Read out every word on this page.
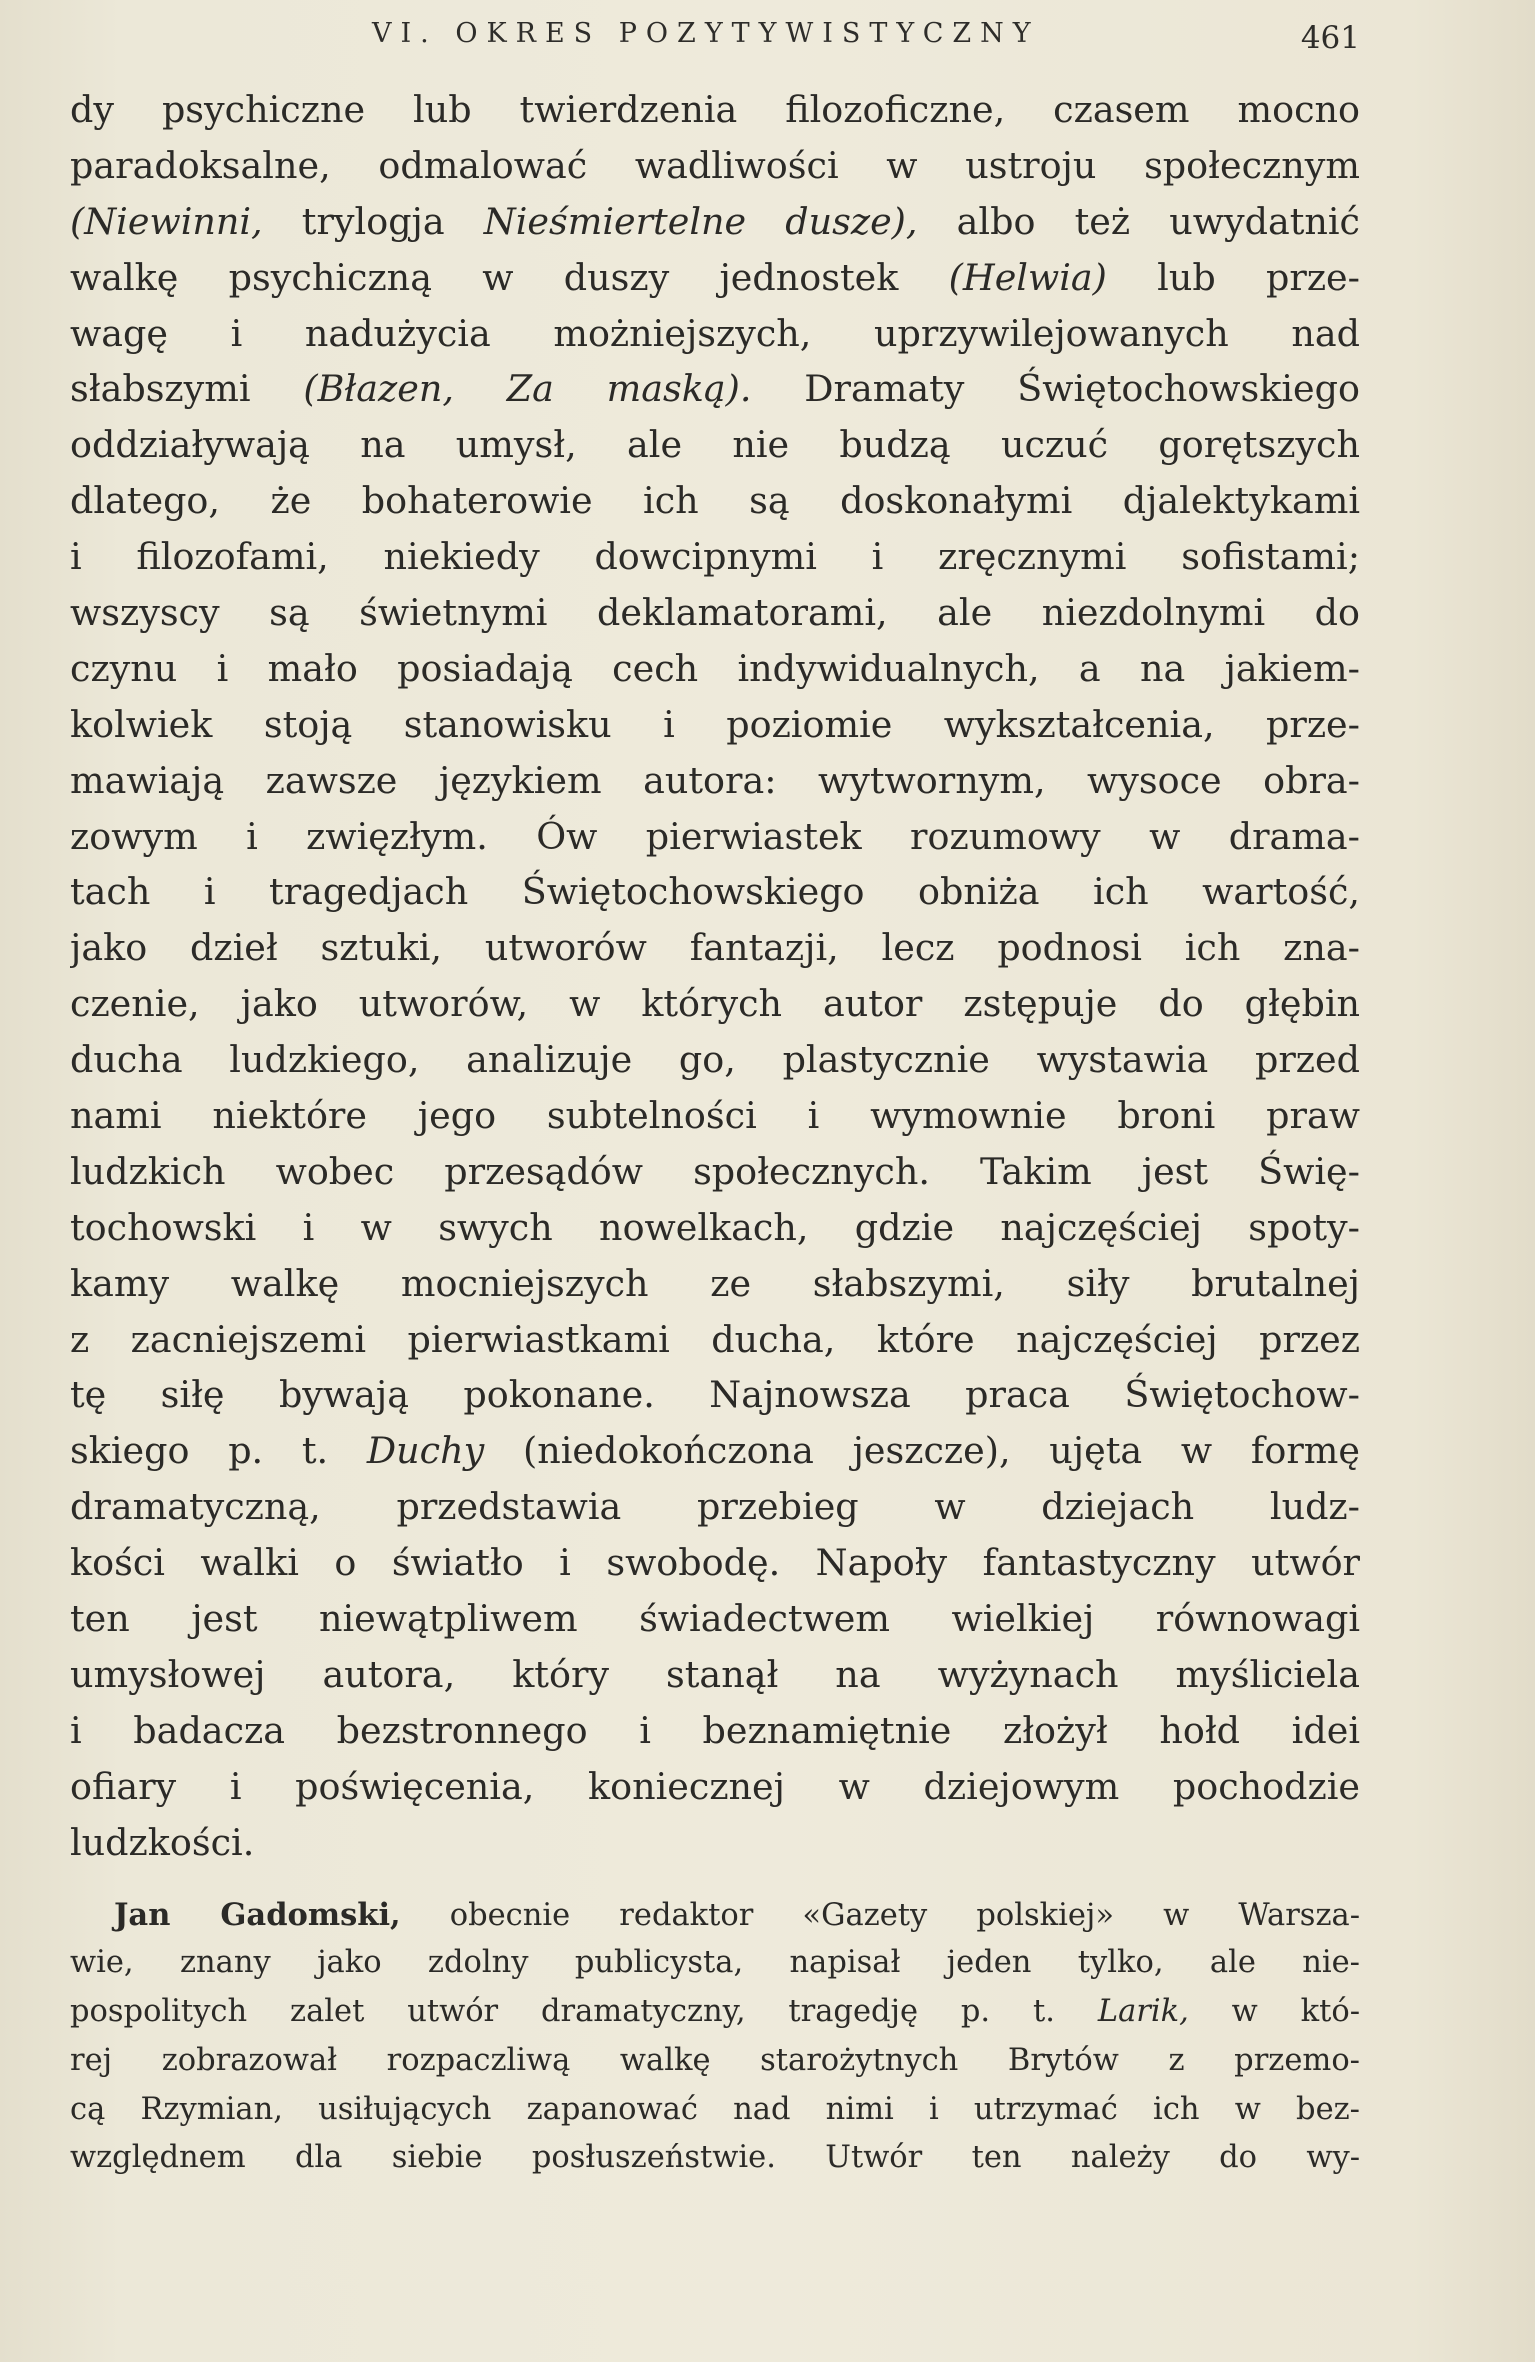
VI. OKRES POZYTYWISTYCZNY	461

dy psychiczne lub twierdzenia filozoficzne, czasem mocno

paradoksalne, odmalować wadliwości w ustroju społecznym

(Niewinni, trylogja Nieśmiertelne dusze), albo też uwydatnić

walkę psychiczną w duszy jednostek (Helwia) lub prze-

wagę i nadużycia możniejszych, uprzywilejowanych nad

słabszymi (Błazen, Za maską). Dramaty Świętochowskiego

oddziaływają na umysł, ale nie budzą uczuć gorętszych

dlatego, że bohaterowie ich są doskonałymi djalektykami

i filozofami, niekiedy dowcipnymi i zręcznymi sofistami;

wszyscy są świetnymi deklamatorami, ale niezdolnymi do

czynu i mało posiadają cech indywidualnych, a na jakiem-

kolwiek stoją stanowisku i poziomie wykształcenia, prze-

mawiają zawsze językiem autora: wytwornym, wysoce obra-

zowym i zwięzłym. Ów pierwiastek rozumowy w drama-

tach i tragedjach Świętochowskiego obniża ich wartość,

jako dzieł sztuki, utworów fantazji, lecz podnosi ich zna-

czenie, jako utworów, w których autor zstępuje do głębin

ducha ludzkiego, analizuje go, plastycznie wystawia przed

nami niektóre jego subtelności i wymownie broni praw

ludzkich wobec przesądów społecznych. Takim jest Świę-

tochowski i w swych nowelkach, gdzie najczęściej spoty-

kamy walkę mocniejszych ze słabszymi, siły brutalnej

z zacniejszemi pierwiastkami ducha, które najczęściej przez

tę siłę bywają pokonane. Najnowsza praca Świętochow-

skiego p. t. Duchy (niedokończona jeszcze), ujęta w formę

dramatyczną, przedstawia przebieg w dziejach ludz-

kości walki o światło i swobodę. Napoły fantastyczny utwór

ten jest niewątpliwem świadectwem wielkiej równowagi

umysłowej autora, który stanął na wyżynach myśliciela

i badacza bezstronnego i beznamiętnie złożył hołd idei

ofiary i poświęcenia, koniecznej w dziejowym pochodzie

ludzkości.

Jan Gadomski, obecnie redaktor «Gazety polskiej» w Warsza-

wie, znany jako zdolny publicysta, napisał jeden tylko, ale nie-

pospolitych zalet utwór dramatyczny, tragedję p. t. Larik, w któ-

rej zobrazował rozpaczliwą walkę starożytnych Brytów z przemo-

cą Rzymian, usiłujących zapanować nad nimi i utrzymać ich w bez-

względnem dla siebie posłuszeństwie. Utwór ten należy do wy-
